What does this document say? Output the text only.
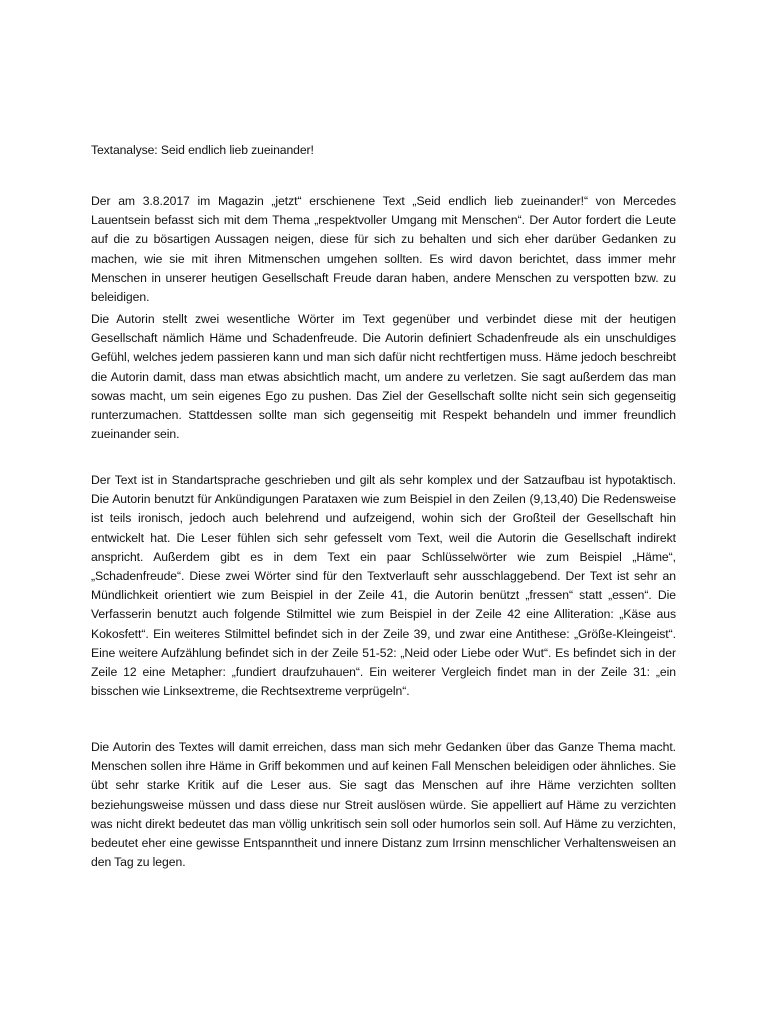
Textanalyse: Seid endlich lieb zueinander!

Der am 3.8.2017 im Magazin „jetzt“ erschienene Text „Seid endlich lieb zueinander!“ von Mercedes Lauentsein befasst sich mit dem Thema „respektvoller Umgang mit Menschen“. Der Autor fordert die Leute auf die zu bösartigen Aussagen neigen, diese für sich zu behalten und sich eher darüber Gedanken zu machen, wie sie mit ihren Mitmenschen umgehen sollten. Es wird davon berichtet, dass immer mehr Menschen in unserer heutigen Gesellschaft Freude daran haben, andere Menschen zu verspotten bzw. zu beleidigen.

Die Autorin stellt zwei wesentliche Wörter im Text gegenüber und verbindet diese mit der heutigen Gesellschaft nämlich Häme und Schadenfreude. Die Autorin definiert Schadenfreude als ein unschuldiges Gefühl, welches jedem passieren kann und man sich dafür nicht rechtfertigen muss. Häme jedoch beschreibt die Autorin damit, dass man etwas absichtlich macht, um andere zu verletzen. Sie sagt außerdem das man sowas macht, um sein eigenes Ego zu pushen. Das Ziel der Gesellschaft sollte nicht sein sich gegenseitig runterzumachen. Stattdessen sollte man sich gegenseitig mit Respekt behandeln und immer freundlich zueinander sein.

Der Text ist in Standartsprache geschrieben und gilt als sehr komplex und der Satzaufbau ist hypotaktisch. Die Autorin benutzt für Ankündigungen Parataxen wie zum Beispiel in den Zeilen (9,13,40) Die Redensweise ist teils ironisch, jedoch auch belehrend und aufzeigend, wohin sich der Großteil der Gesellschaft hin entwickelt hat. Die Leser fühlen sich sehr gefesselt vom Text, weil die Autorin die Gesellschaft indirekt anspricht. Außerdem gibt es in dem Text ein paar Schlüsselwörter wie zum Beispiel „Häme“, „Schadenfreude“. Diese zwei Wörter sind für den Textverlauft sehr ausschlaggebend. Der Text ist sehr an Mündlichkeit orientiert wie zum Beispiel in der Zeile 41, die Autorin benützt „fressen“ statt „essen“. Die Verfasserin benutzt auch folgende Stilmittel wie zum Beispiel in der Zeile 42 eine Alliteration: „Käse aus Kokosfett“. Ein weiteres Stilmittel befindet sich in der Zeile 39, und zwar eine Antithese: „Größe-Kleingeist“. Eine weitere Aufzählung befindet sich in der Zeile 51-52: „Neid oder Liebe oder Wut“. Es befindet sich in der Zeile 12 eine Metapher: „fundiert draufzuhauen“. Ein weiterer Vergleich findet man in der Zeile 31: „ein bisschen wie Linksextreme, die Rechtsextreme verprügeln“.

Die Autorin des Textes will damit erreichen, dass man sich mehr Gedanken über das Ganze Thema macht. Menschen sollen ihre Häme in Griff bekommen und auf keinen Fall Menschen beleidigen oder ähnliches. Sie übt sehr starke Kritik auf die Leser aus. Sie sagt das Menschen auf ihre Häme verzichten sollten beziehungsweise müssen und dass diese nur Streit auslösen würde. Sie appelliert auf Häme zu verzichten was nicht direkt bedeutet das man völlig unkritisch sein soll oder humorlos sein soll. Auf Häme zu verzichten, bedeutet eher eine gewisse Entspanntheit und innere Distanz zum Irrsinn menschlicher Verhaltensweisen an den Tag zu legen.
